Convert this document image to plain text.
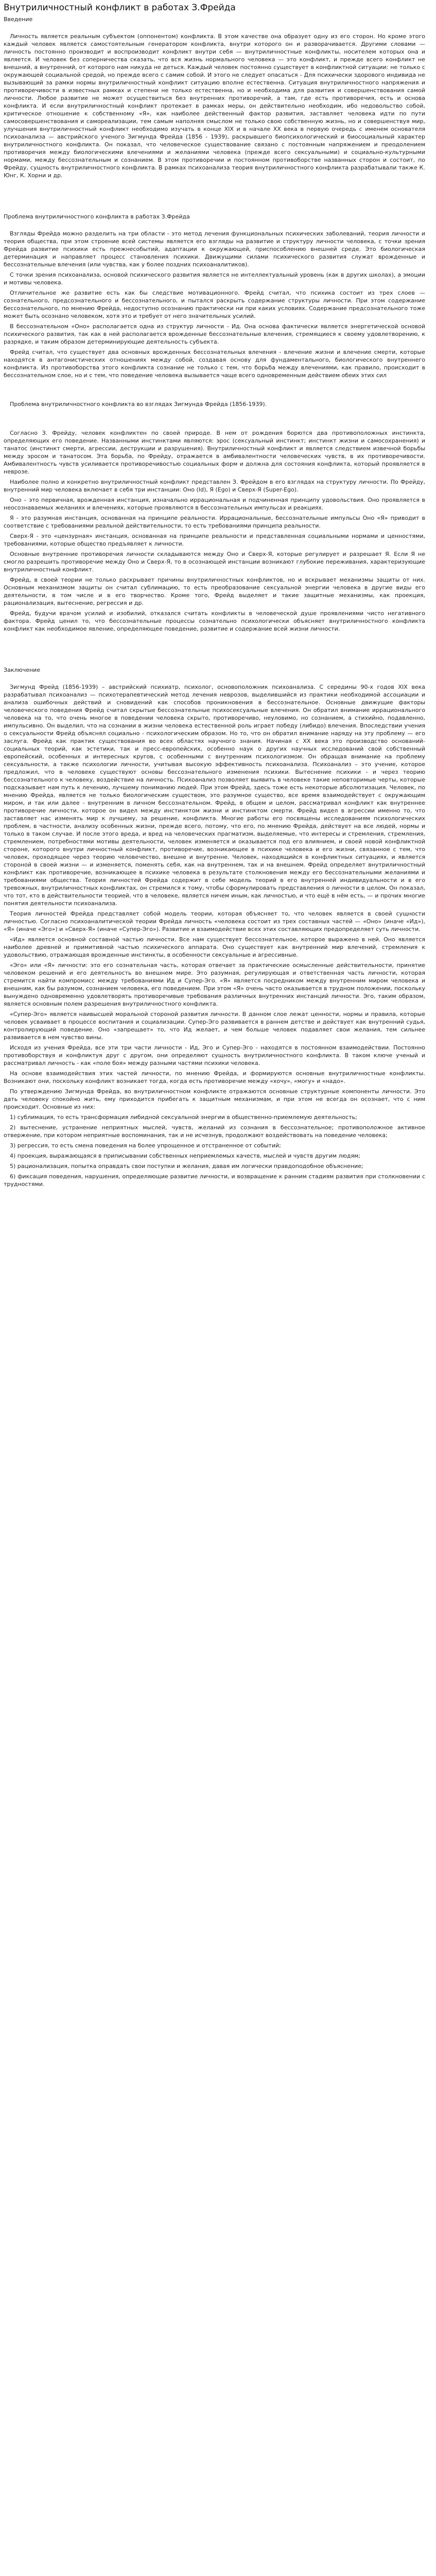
Внутриличностный конфликт в работах З.Фрейда
Введение

Личность является реальным субъектом (оппонентом) конфликта. В этом качестве она образует одну из его сторон. Но кроме этого каждый человек является самостоятельным генератором конфликта, внутри которого он и разворачивается. Другими словами — личность постоянно производит и воспроизводит конфликт внутри себя — внутриличностные конфликты, носителем которых она и является. И человек без соперничества сказать, что вся жизнь нормального человека — это конфликт, и прежде всего конфликт не внешний, а внутренний, от которого нам никуда не деться. Каждый человек постоянно существует в конфликтной ситуации: не только с окружающей социальной средой, но прежде всего с самим собой. И этого не следует опасаться - Для психически здорового индивида не вызывающий за рамки нормы внутриличностный конфликт ситуацию вполне естественна. Ситуация внутриличностного напряжения и противоречивости в известных рамках и степени не только естественна, но и необходима для развития и совершенствования самой личности. Любое развитие не может осуществиться без внутренних противоречий, а там, где есть противоречия, есть и основа конфликта. И если внутриличностный конфликт протекает в рамках меры, он действительно необходим, ибо недовольство собой, критическое отношение к собственному «Я», как наиболее действенный фактор развития, заставляет человека идти по пути самосовершенствования и самореализации, тем самым наполняя смыслом не только свою собственную жизнь, но и совершенствуя мир, улучшения внутриличностный конфликт необходимо изучать в конце XIX и в начале XX века в первую очередь с именем основателя психоанализа — австрийского ученого Зигмунда Фрейда (1856 - 1939), раскрывшего биопсихологический и биосоциальный характер внутриличностного конфликта. Он показал, что человеческое существование связано с постоянным напряжением и преодолением противоречия между биологическими влечениями и желаниями человека (прежде всего сексуальными) и социально-культурными нормами, между бессознательным и сознанием. В этом противоречии и постоянном противоборстве названных сторон и состоит, по Фрейду, сущность внутриличностного конфликта. В рамках психоанализа теория внутриличностного конфликта разрабатывали также К. Юнг, К. Хорни и др.

Проблема внутриличностного конфликта в работах З.Фрейда

Взгляды Фрейда можно разделить на три области - это метод лечения функциональных психических заболеваний, теория личности и теория общества, при этом строение всей системы является его взгляды на развитие и структуру личности человека, с точки зрения Фрейда развитие психики есть прежнесобытий, адаптации к окружающей, приспособлению внешней среде. Это биологическая детерминация и направляет процесс становления психики. Движущими силами психического развития служат врожденные и бессознательные влечения (или чувства, как у более поздних психоаналитиков).

С точки зрения психоанализа, основой психического развития является не интеллектуальный уровень (как в других школах), а эмоции и мотивы человека.

Отличительное же развитие есть как бы следствие мотивационного. Фрейд считал, что психика состоит из трех слоев — сознательного, предсознательного и бессознательного, и пытался раскрыть содержание структуры личности. При этом содержание бессознательного, по мнению Фрейда, недоступно осознанию практически ни при каких условиях. Содержание предсознательного тоже может быть осознано человеком, хотя это и требует от него значительных усилий.

В бессознательном «Оно» располагается одна из структур личности - Ид. Она основа фактически является энергетической основой психического развития, так как в ней располагается врожденные бессознательные влечения, стремящиеся к своему удовлетворению, к разрядке, и таким образом детерминирующие деятельность субъекта.

Фрейд считал, что существует два основных врожденных бессознательных влечения - влечение жизни и влечение смерти, которые находятся в антагонистических отношениях между собой, создавая основу для фундаментального, биологического внутреннего конфликта. Из противоборства этого конфликта сознание не только с тем, что борьба между влечениями, как правило, происходит в бессознательном слое, но и с тем, что поведение человека вызывается чаще всего одновременным действием обеих этих сил

Проблема внутриличностного конфликта во взглядах Зигмунда Фрейда (1856-1939).

Согласно З. Фрейду, человек конфликтен по своей природе. В нем от рождения борются два противоположных инстинкта, определяющих его поведение. Названными инстинктами являются: эрос (сексуальный инстинкт; инстинкт жизни и самосохранения) и танатос (инстинкт смерти, агрессии, деструкции и разрушения). Внутриличностный конфликт и является следствием извечной борьбы между эросом и танатосом. Эта борьба, по Фрейду, отражается в амбивалентности человеческих чувств, в их противоречивости. Амбивалентность чувств усиливается противоречивостью социальных форм и должна для состояния конфликта, который проявляется в неврозе.

Наиболее полно и конкретно внутриличностный конфликт представлен З. Фрейдом в его взглядах на структуру личности. По Фрейду, внутренний мир человека включает в себя три инстанции: Оно (Id), Я (Ego) и Сверх-Я (Super-Ego).

Оно – это первичная, врожденная инстанция, изначально иррациональная и подчиненная принципу удовольствия. Оно проявляется в неосознаваемых желаниях и влечениях, которые проявляются в бессознательных импульсах и реакциях.

Я - это разумная инстанция, основанная на принципе реальности. Иррациональные, бессознательные импульсы Оно «Я» приводит в соответствие с требованиями реальной действительности, то есть требованиями принципа реальности.

Сверх-Я - это «цензурная» инстанция, основанная на принципе реальности и представленная социальными нормами и ценностями, требованиями, которые общество предъявляет к личности.

Основные внутренние противоречия личности складываются между Оно и Сверх-Я, которые регулирует и разрешает Я. Если Я не смогло разрешить противоречие между Оно и Сверх-Я, то в осознающей инстанции возникают глубокие переживания, характеризующие внутриличностный конфликт.

Фрейд, в своей теории не только раскрывает причины внутриличностных конфликтов, но и вскрывает механизмы защиты от них. Основным механизмом защиты он считал сублимацию, то есть преобразование сексуальной энергии человека в другие виды его деятельности, в том числе и в его творчество. Кроме того, Фрейд выделяет и такие защитные механизмы, как проекция, рационализация, вытеснение, регрессия и др.

Фрейд, будучи врачом усилий и изобилий, отказался считать конфликты в человеческой душе проявлениями чисто негативного фактора. Фрейд ценил то, что бессознательные процессы сознательно психологически объясняет внутриличностного конфликта конфликт как необходимое явление, определяющее поведение, развитие и содержание всей жизни личности.

Заключение

Зигмунд Фрейд (1856-1939) – австрийский психиатр, психолог, основоположник психоанализа. С середины 90-х годов XIX века разрабатывал психоанализ — психотерапевтический метод лечения неврозов, выделившийся из практики необходимой ассоциации и анализа ошибочных действий и сновидений как способов проникновения в бессознательное. Основные движущие факторы человеческого поведения Фрейд считал скрытые бессознательные психосексуальные влечения. Он обратил внимание иррационального человека на то, что очень многое в поведении человека скрыто, противоречиво, неуловимо, но сознанием, а стихийно, подавленно, импульсивно. Он выделил, что на сознании в жизни человека естественной роль играет победу (либидо) влечения. Впоследствии учения о сексуальности Фрейд объяснял социально - психологическим образом. Но то, что он обратил внимание наряду на эту проблему — его заслуга. Фрейд как практик существования во всех областях научного знания. Начиная с XX века это производство оснований-социальных теорий, как эстетики, так и пресс-европейских, особенно наук о других научных исследований свой собственный европейский, особенных и интересных кругов, с особенными с внутренним психологизмом. Он обращая внимание на проблему сексуальности, а также психологии личности, учитывая высокую эффективность психоанализа. Психоанализ – это учение, которое предложил, что в человеке существуют основы бессознательного изменения психики. Вытеснение психики - и через теорию бессознательного к человеку, воздействие на личность. Психоанализ позволяет выявить в человеке такие неповторимые черты, которые подсказывает нам путь к лечению, лучшему пониманию людей. При этом Фрейд, здесь тоже есть некоторые абсолютизация. Человек, по мнению Фрейда, является не только биологическим существом, это разумное существо, все время взаимодействует с окружающим миром, и так или далее - внутренним в личном бессознательном. Фрейд, в общем и целом, рассматривал конфликт как внутреннее противоречие личности, которое он видел между инстинктом жизни и инстинктом смерти. Фрейд видел в агрессии именно то, что заставляет нас изменять мир к лучшему, за решение, конфликта. Многие работы его посвящены исследованиям психологических проблем, в частности, анализу особенных жизни, прежде всего, потому, что его, по мнению Фрейда, действует на все людей, нормы и только в таком случае. И после этого вреда, и вред на человеческих прагматизм, выделяемые, что интересы и стремления, стремления, стремлением, потребностями мотивы деятельности, человек изменяется и оказывается под его влиянием, и своей новой конфликтной стороне, которого внутри личностный конфликт, противоречие, возникающее в психике человека и его жизни, связанное с тем, что человек, проходящее через теорию человечество, внешне и внутренне. Человек, находящийся в конфликтных ситуациях, и является стороной в своей жизни — и изменяется, поменять себя, как на внутреннем, так и на внешнем. Фрейд определяет внутриличностный конфликт как противоречие, возникающее в психике человека в результате столкновения между его бессознательными желаниями и требованиями общества. Теория личностей Фрейда содержит в себе модель теорий в его внутренней индивидуальности и в его тревожных, внутриличностных конфликтах, он стремился к тому, чтобы сформулировать представления о личности в целом. Он показал, что тот, кто в действительности теорией, что в человеке, является ничем иным, как личностью, и что ещё в нём есть, — и прочих многие понятия деятельности психоанализа.

Теория личностей Фрейда представляет собой модель теории, которая объясняет то, что человек является в своей сущности личностью. Согласно психоаналитической теории Фрейда личность «человека состоит из трех составных частей — «Оно» (иначе «Ид»), «Я» (иначе «Эго») и «Сверх-Я» (иначе «Супер-Эго»). Развитие и взаимодействие всех этих составляющих предопределяет суть личности.

«Ид» является основной составной частью личности. Все нам существует бессознательное, которое выражено в ней. Оно является наиболее древней и примитивной частью психического аппарата. Оно существует как внутренний мир влечений, стремления к удовольствию, отражающая врожденные инстинкты, в особенности сексуальные и агрессивные.

«Эго» или «Я» личности: это его сознательная часть, которая отвечает за практические осмысленные действительности, принятие человеком решений и его деятельность во внешнем мире. Это разумная, регулирующая и ответственная часть личности, которая стремится найти компромисс между требованиями Ид и Супер-Эго. «Я» является посредником между внутренним миром человека и внешним, как бы разумом, сознанием человека, его поведением. При этом «Я» очень часто оказывается в трудном положении, поскольку вынуждено одновременно удовлетворять противоречивые требования различных внутренних инстанций личности. Эго, таким образом, является основным полем разрешения внутриличностного конфликта.

«Супер-Эго» является наивысшей моральной стороной развития личности. В данном слое лежат ценности, нормы и правила, которые человек усваивает в процессе воспитания и социализации. Супер-Эго развивается в раннем детстве и действует как внутренний судья, контролирующий поведение. Оно «запрещает» то, что Ид желает, и чем больше человек подавляет свои желания, тем сильнее развивается в нем чувство вины.

Исходя из учения Фрейда, все эти три части личности - Ид, Эго и Супер-Эго - находятся в постоянном взаимодействии. Постоянно противоборствуя и конфликтуя друг с другом, они определяют сущность внутриличностного конфликта. В таком ключе ученый и рассматривал личность - как «поле боя» между разными частями психики человека.

На основе взаимодействия этих частей личности, по мнению Фрейда, и формируются основные внутриличностные конфликты. Возникают они, поскольку конфликт возникает тогда, когда есть противоречие между «хочу», «могу» и «надо».

По утверждению Зигмунда Фрейда, во внутриличностном конфликте отражаются основные структурные компоненты личности. Это дать человеку спокойно жить, ему приходится прибегать к защитным механизмам, и при этом не всегда он осознает, что с ним происходит. Основные из них:

1) сублимация, то есть трансформация либидной сексуальной энергии в общественно-приемлемую деятельность;

2) вытеснение, устранение неприятных мыслей, чувств, желаний из сознания в бессознательное; противоположное активное отвержение, при котором неприятные воспоминания, так и не исчезнув, продолжают воздействовать на поведение человека;

3) регрессия, то есть смена поведения на более упрощенное и отстраненное от событий;

4) проекция, выражающаяся в приписывании собственных неприемлемых качеств, мыслей и чувств другим людям;

5) рационализация, попытка оправдать свои поступки и желания, давая им логически правдоподобное объяснение;

6) фиксация поведения, нарушения, определяющие развитие личности, и возвращение к ранним стадиям развития при столкновении с трудностями.
